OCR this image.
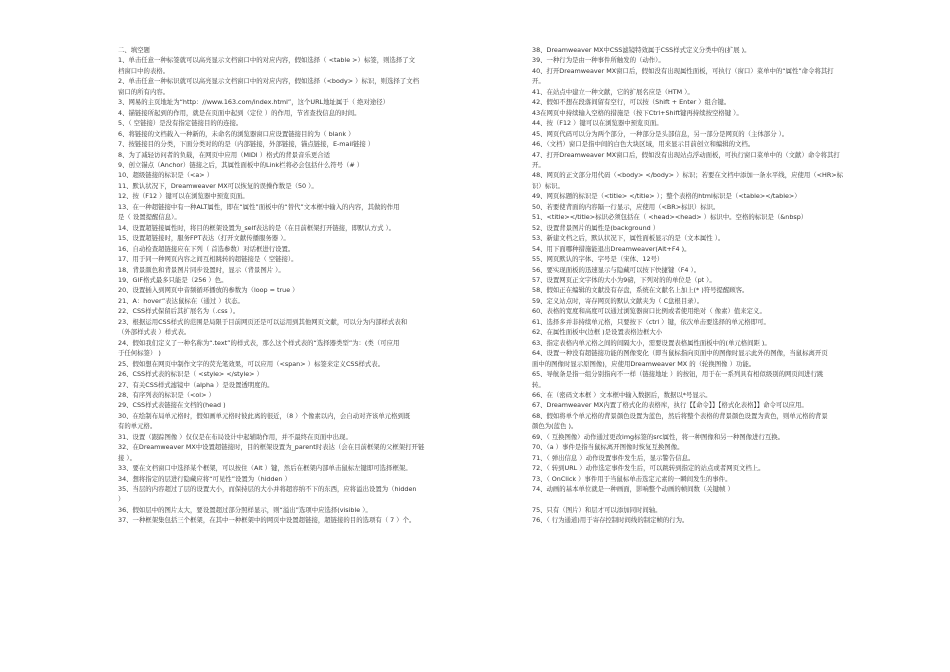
二、填空题
1、单击任意一种标签就可以高亮显示文档窗口中的对应内容，假如选择（ <table >）标签，则选择了文
档窗口中的表格。
2、单击任意一种标识就可以高亮显示文档窗口中的对应内容，假如选择（<body> ）标识，则选择了文档
窗口的所有内容。
3、网易的主页地址为“http：//www.163.com/index.html”，这个URL地址属于（ 绝对途径）
4、锚链接所起到的作用，就是在页面中起到（定位 ）的作用，节省查找信息的时间。
5、（ 空链接）是没有指定链接目的的连接。
6、将链接的文档载入一种新的，未命名的浏览器窗口应设置链接目的为（ blank ）
7、按链接目的分类，下面分类对的的是（内部链接，外部链接，锚点链接，E-mail链接 ）
8、为了减轻访问者的负载，在网页中应用（MIDI ）格式的背景音乐更合适
9、创立锚点（Anchor）链接之后，其属性面板中的Link栏将必会包括什么符号（# ）
10、超级链接的标识是（<a> ）
11、默认状况下，Dreamweaver MX可以恢复的误操作数是（50 ）。
12、按（F12 ）键可以在浏览器中预览页面。
13、在一种超链接中有一种ALT属性，即在“属性”面板中的“替代”文本框中输入的内容，其做的作用
是（ 设置提醒信息）。
14、设置超链接属性时，将目的框架设置为_self表达的是（在目前框架打开链接，即默认方式 ）。
15、设置超链接时，服务FPT表达（打开文献传播服务器 ）。
16、自动检查超链接应在下列（ 首选参数）对话框进行设置。
17、用于同一种网页内容之间互相跳转的超链接是（ 空链接）。
18、背景颜色和背景图片同步设置时，显示（背景图片 ）。
19、GIF格式最多只能是（256 ）色。
20、设置插入到网页中音频循环播放的参数为（loop = true ）
21、A：hover”表达鼠标在（通过 ）状态。
22、CSS样式保留后其扩展名为（.css ）。
23、根据运用CSS样式的范围是局限于目前网页还是可以运用到其他网页文献，可以分为内部样式表和
（外部样式表 ）样式表。
24、假如我们定义了一种名称为“.text”的样式表，那么这个样式表的“选择器类型”为：(类（可应用
于任何标签） )
25、假如想在网页中制作文字的荧光笔效果，可以应用（<span> ）标签来定义CSS样式表。
26、CSS样式表的标识是（ <style> </style> ）
27、有关CSS样式滤镜中（alpha ）是设置透明度的。
28、有序列表的标识是（<ol> ）
29、CSS样式表链接在文档的(head )
30、在绘制布局单元格时，假如画单元格时彼此离的很近，（8 ）个像素以内，会自动对齐该单元格到既
有的单元格。
31、设置（跟踪图像 ）仅仅是在布局设计中起辅助作用，并不最终在页面中出现。
32、在Dreamweaver MX中设置超链接时，目的框架设置为_parent时表达（会在目前框架的父框架打开链
接 ）。
33、要在文档窗口中选择某个框架，可以按住（Alt ）键，然后在框架内部单击鼠标左键即可选择框架。
34、想将指定的层进行隐藏应将“可见性”设置为（hidden ）
35、当层的内容超过了层的设置大小，而保持层的大小并将超容纳不下的东西，应将溢出设置为（hidden
）
36、假如层中的图片太大，要设置超过部分照样显示，则“溢出”选项中应选择(visible ）。
37、一种框架集包括三个框架，在其中一种框架中的网页中设置超链接，超链接的目的选项有（ 7 ）个。
38、Dreamweaver MX中CSS滤镜特效属于CSS样式定义分类中的(扩展 )。
39、一种行为是由一种事件所触发的（动作）。
40、打开Dreamweaver MX窗口后，假如没有出现属性面板，可执行（窗口）菜单中的“属性”命令将其打
开。
41、在站点中建立一种文献，它的扩展名应是（HTM ）。
42、假如不想在段落间留有空行，可以按（Shift + Enter ）组合键。
43在网页中持续输入空格的措施是（按下Ctrl+Shift键再持续按空格键 ）。
44、按（F12 ）键可以在浏览器中预览页面。
45、网页代码可以分为两个部分，一种部分是头部信息，另一部分是网页的（主体部分 ）。
46、（文档）窗口是指中间的白色大块区域，用来显示目前创立和编辑的文档。
47、打开Dreamweaver MX窗口后，假如没有出现站点浮动面板，可执行窗口菜单中的（文献）命令将其打
开。
48、网页的正文部分用代码（<body> </body> ）标识；若要在文档中添加一条水平线，应使用（<HR>标
识）标识。
49、网页标题的标识是（<title> </title> ）；整个表格的html标识是（<table></table>）
50、若要使背面的内容隔一行显示，应使用（<BR>标识）标识。
51、<title></title>标识必须包括在（ <head><head> ）标识中。空格的标识是（&nbsp）
52、设置背景图片的属性是(background ）
53、新建文档之后，默认状况下，属性面板显示的是（文本属性 ）。
54、用下面哪种措施能退出Dreamweaver(Alt+F4 )。
55、网页默认的字体、字号是（宋体、12号）
56、要实现面板的迅速显示与隐藏可以按下快捷键（F4 ）。
57、设置网页正文字体的大小为9磅，下列对的的单位是（pt ）。
58、假如正在编辑的文献没有存盘，系统在文献名上加上(* )符号提醒顾客。
59、定义站点时，寄存网页的默认文献夹为（ C盘根目录）。
60、表格的宽度和高度可以通过浏览器窗口比例或者使用绝对（ 像素）值来定义。
61、选择多并非持续单元格，只要按下（ctrl ）键，依次单击要选择的单元格即可。
62、在属性面板中(边框 )是设置表格边框大小
63、指定表格内单元格之间的间隔大小，需要设置表格属性面板中的(单元格间距 )。
64、设置一种没有超链接功能的图像变化（即当鼠标指向页面中的图像时显示此外的图像，当鼠标离开页
面中的图像时显示原图像)，应使用Dreamweaver MX 的（轮换图像 ）功能。
65、导航条是指一组分别指向不一样（链接地址 ）的按钮，用于在一系列具有相似级别的网页间进行跳
转。
66、在（密码文本框 ）文本框中输入数据后，数据以*号显示。
67、Dreamweaver MX内置了格式化的表格库，执行【【命令】】【格式化表格】】命令可以应用。
68、假如将单个单元格的背景颜色设置为蓝色，然后将整个表格的背景颜色设置为黄色，则单元格的背景
颜色为(蓝色 )。
69、（ 互换图像）动作通过更改img标签的src属性，将一种图像和另一种图像进行互换。
70、（a ）事件是指当鼠标离开图像时恢复互换图像。
71、（ 弹出信息 ）动作设置事件发生后，显示警告信息。
72、（ 转到URL ）动作选定事件发生后，可以跳转到指定的站点或者网页文档上。
73、（ OnClick ）事件用于当鼠标单击选定元素的一瞬间发生的事件。
74、动画的基本单位就是一种画面，影响整个动画的帧间数（关键帧 ）
75、只有（图片）和层才可以添加同时间轴。
76、（ 行为通道)用于寄存控制时间线的制定帧的行为。
